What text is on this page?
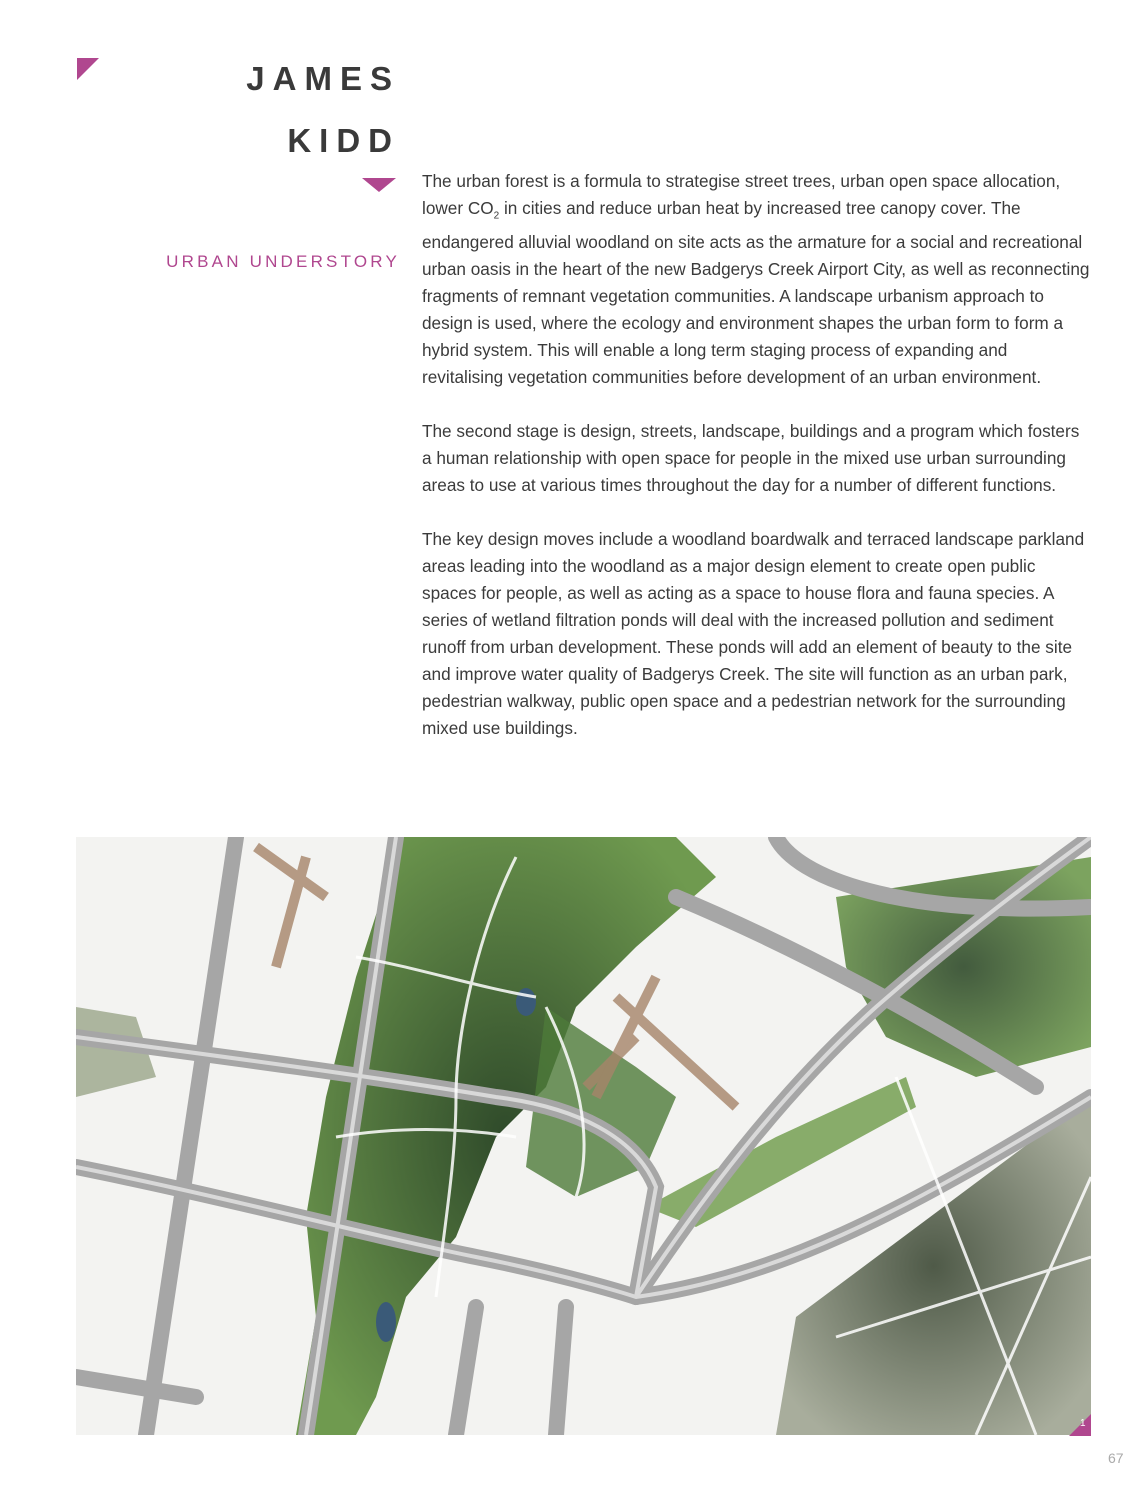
JAMES
KIDD
URBAN UNDERSTORY

The urban forest is a formula to strategise street trees, urban open space allocation, lower $CO_2$ in cities and reduce urban heat by increased tree canopy cover. The endangered alluvial woodland on site acts as the armature for a social and recreational urban oasis in the heart of the new Badgerys Creek Airport City, as well as reconnecting fragments of remnant vegetation communities. A landscape urbanism approach to design is used, where the ecology and environment shapes the urban form to form a hybrid system. This will enable a long term staging process of expanding and revitalising vegetation communities before development of an urban environment.

The second stage is design, streets, landscape, buildings and a program which fosters a human relationship with open space for people in the mixed use urban surrounding areas to use at various times throughout the day for a number of different functions.

The key design moves include a woodland boardwalk and terraced landscape parkland areas leading into the woodland as a major design element to create open public spaces for people, as well as acting as a space to house flora and fauna species. A series of wetland filtration ponds will deal with the increased pollution and sediment runoff from urban development. These ponds will add an element of beauty to the site and improve water quality of Badgerys Creek. The site will function as an urban park, pedestrian walkway, public open space and a pedestrian network for the surrounding mixed use buildings.

1
67
